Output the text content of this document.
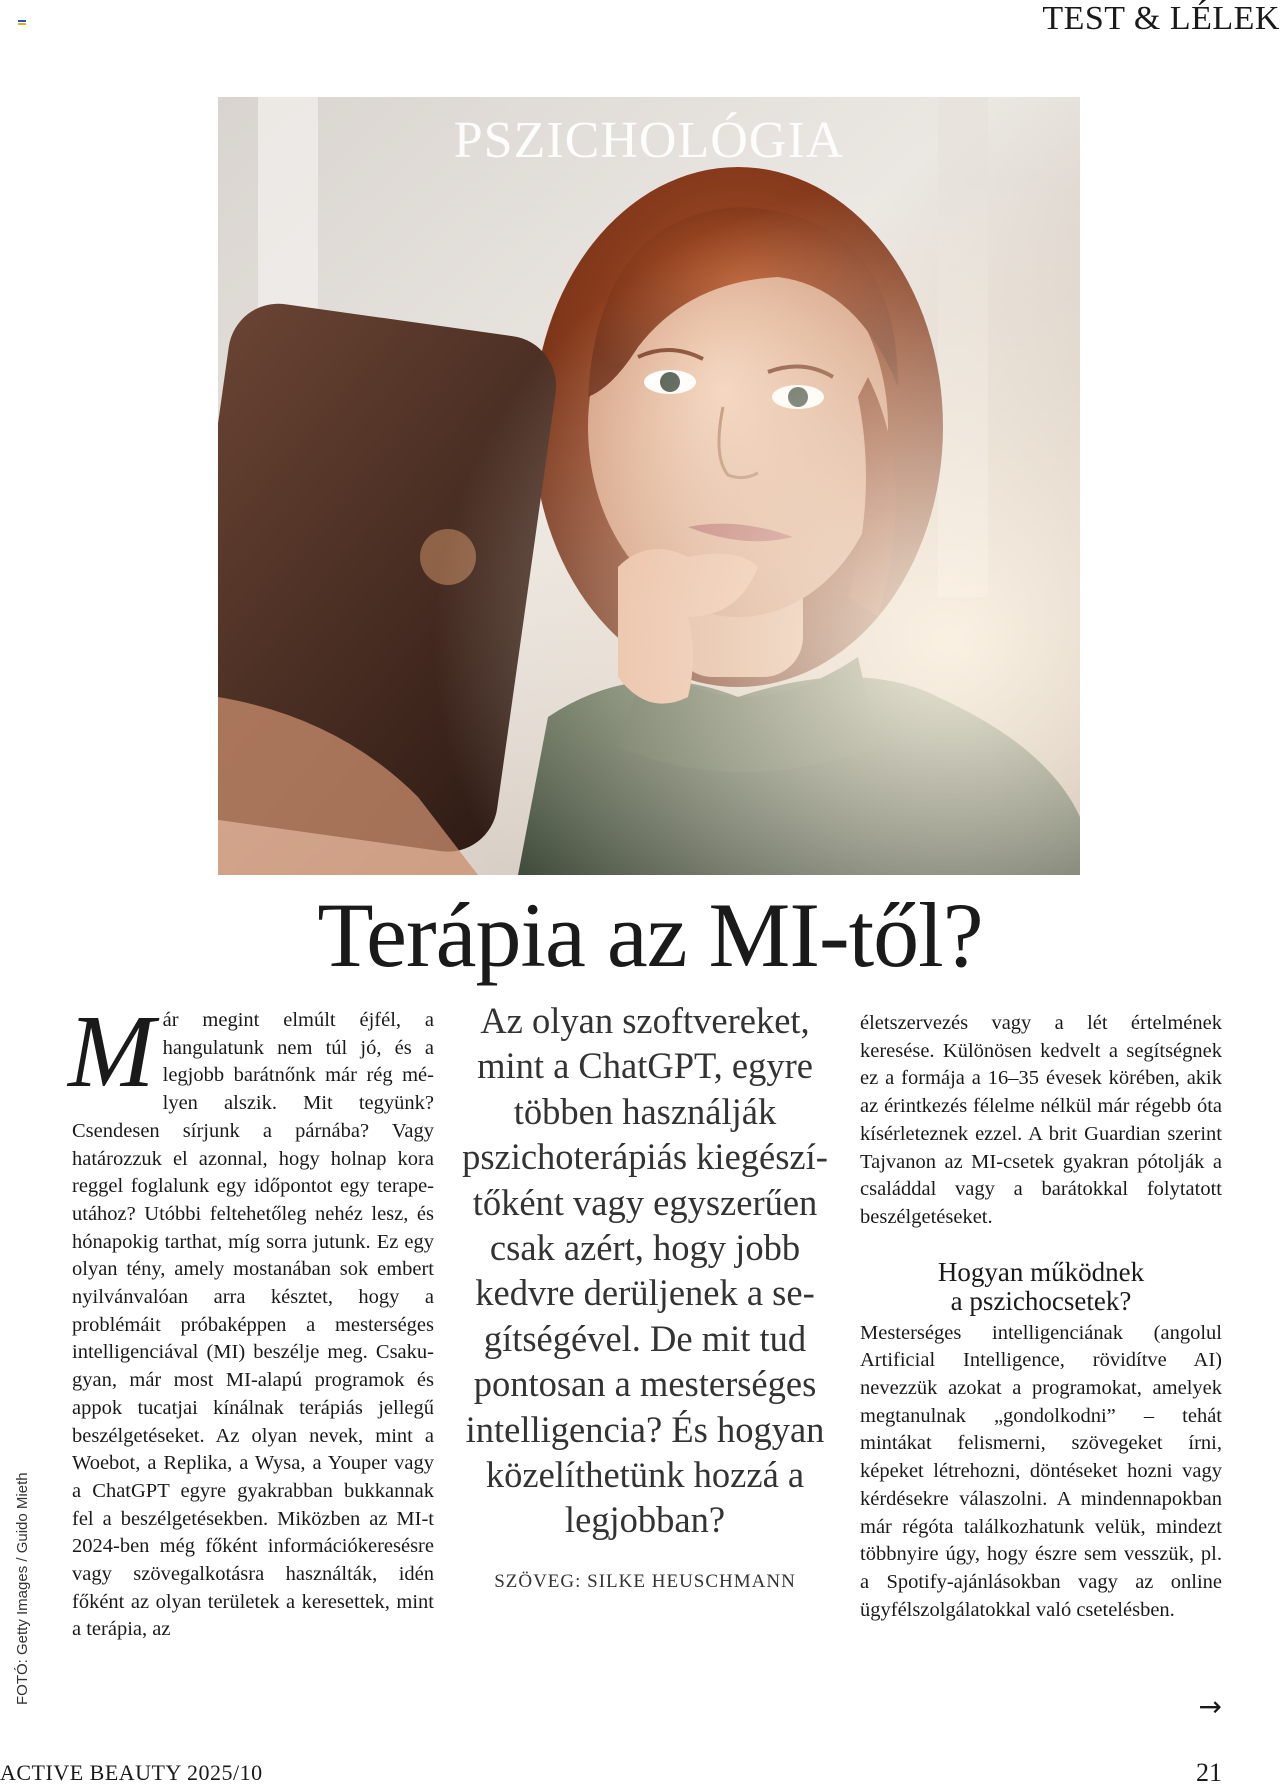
TEST & LÉLEK
PSZICHOLÓGIA
Terápia az MI-től?
M ár megint elmúlt éjfél, a hangulatunk nem túl jó, és a legjobb barátnőnk már rég mélyen alszik. Mit tegyünk? Csendesen sírjunk a párnába? Vagy határozzuk el azonnal, hogy holnap kora reggel foglalunk egy időpontot egy terapeutához? Utóbbi feltehetőleg nehéz lesz, és hónapokig tarthat, míg sorra jutunk. Ez egy olyan tény, amely mostanában sok embert nyilvánvalóan arra késztet, hogy a problémáit próbaképpen a mesterséges intelligenciával (MI) beszélje meg. Csakugyan, már most MI-alapú programok és appok tucatjai kínálnak terápiás jellegű beszélgetéseket. Az olyan nevek, mint a Woebot, a Replika, a Wysa, a Youper vagy a ChatGPT egyre gyakrabban bukkannak fel a beszélgetésekben. Miközben az MI-t 2024-ben még főként információkeresésre vagy szövegalkotásra használták, idén főként az olyan területek a keresettek, mint a terápia, az

Az olyan szoftvereket, mint a ChatGPT, egyre többen használják pszichoterápiás kiegészítőként vagy egyszerűen csak azért, hogy jobb kedvre derüljenek a segítségével. De mit tud pontosan a mesterséges intelligencia? És hogyan közelíthetünk hozzá a legjobban?

SZÖVEG: SILKE HEUSCHMANN
életszervezés vagy a lét értelmének keresése. Különösen kedvelt a segítségnek ez a formája a 16–35 évesek körében, akik az érintkezés félelme nélkül már régebb óta kísérleteznek ezzel. A brit Guardian szerint Tajvanon az MI-csetek gyakran pótolják a családdal vagy a barátokkal folytatott beszélgetéseket.
Hogyan működnek
a pszichocsetek?
Mesterséges intelligenciának (angolul Artificial Intelligence, rövidítve AI) nevezzük azokat a programokat, amelyek megtanulnak „gondolkodni” – tehát mintákat felismerni, szövegeket írni, képeket létrehozni, döntéseket hozni vagy kérdésekre válaszolni. A mindennapokban már régóta találkozhatunk velük, mindezt többnyire úgy, hogy észre sem vesszük, pl. a Spotify-ajánlásokban vagy az online ügyfélszolgálatokkal való csetelésben.
→
FOTÓ: Getty Images / Guido Mieth
ACTIVE BEAUTY 2025/10	21
